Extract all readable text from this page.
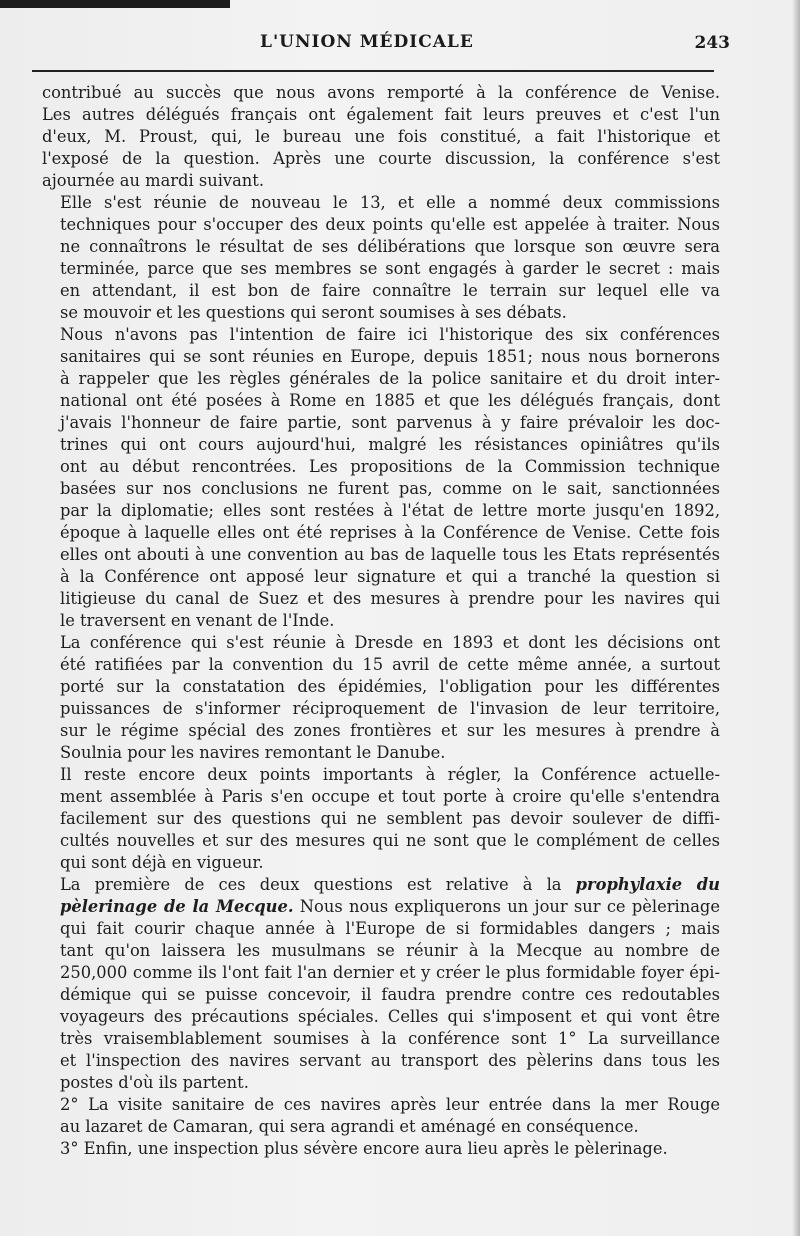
L'UNION MÉDICALE	243

contribué au succès que nous avons remporté à la conférence de Venise.
Les autres délégués français ont également fait leurs preuves et c'est l'un
d'eux, M. Proust, qui, le bureau une fois constitué, a fait l'historique et
l'exposé de la question. Après une courte discussion, la conférence s'est
ajournée au mardi suivant.

Elle s'est réunie de nouveau le 13, et elle a nommé deux commissions
techniques pour s'occuper des deux points qu'elle est appelée à traiter. Nous
ne connaîtrons le résultat de ses délibérations que lorsque son œuvre sera
terminée, parce que ses membres se sont engagés à garder le secret : mais
en attendant, il est bon de faire connaître le terrain sur lequel elle va
se mouvoir et les questions qui seront soumises à ses débats.

Nous n'avons pas l'intention de faire ici l'historique des six conférences
sanitaires qui se sont réunies en Europe, depuis 1851; nous nous bornerons
à rappeler que les règles générales de la police sanitaire et du droit inter-
national ont été posées à Rome en 1885 et que les délégués français, dont
j'avais l'honneur de faire partie, sont parvenus à y faire prévaloir les doc-
trines qui ont cours aujourd'hui, malgré les résistances opiniâtres qu'ils
ont au début rencontrées. Les propositions de la Commission technique
basées sur nos conclusions ne furent pas, comme on le sait, sanctionnées
par la diplomatie; elles sont restées à l'état de lettre morte jusqu'en 1892,
époque à laquelle elles ont été reprises à la Conférence de Venise. Cette fois
elles ont abouti à une convention au bas de laquelle tous les Etats représentés
à la Conférence ont apposé leur signature et qui a tranché la question si
litigieuse du canal de Suez et des mesures à prendre pour les navires qui
le traversent en venant de l'Inde.

La conférence qui s'est réunie à Dresde en 1893 et dont les décisions ont
été ratifiées par la convention du 15 avril de cette même année, a surtout
porté sur la constatation des épidémies, l'obligation pour les différentes
puissances de s'informer réciproquement de l'invasion de leur territoire,
sur le régime spécial des zones frontières et sur les mesures à prendre à
Soulnia pour les navires remontant le Danube.

Il reste encore deux points importants à régler, la Conférence actuelle-
ment assemblée à Paris s'en occupe et tout porte à croire qu'elle s'entendra
facilement sur des questions qui ne semblent pas devoir soulever de diffi-
cultés nouvelles et sur des mesures qui ne sont que le complément de celles
qui sont déjà en vigueur.

La première de ces deux questions est relative à la prophylaxie du
pèlerinage de la Mecque. Nous nous expliquerons un jour sur ce pèlerinage
qui fait courir chaque année à l'Europe de si formidables dangers ; mais
tant qu'on laissera les musulmans se réunir à la Mecque au nombre de
250,000 comme ils l'ont fait l'an dernier et y créer le plus formidable foyer épi-
démique qui se puisse concevoir, il faudra prendre contre ces redoutables
voyageurs des précautions spéciales. Celles qui s'imposent et qui vont être
très vraisemblablement soumises à la conférence sont 1° La surveillance
et l'inspection des navires servant au transport des pèlerins dans tous les
postes d'où ils partent.

2° La visite sanitaire de ces navires après leur entrée dans la mer Rouge
au lazaret de Camaran, qui sera agrandi et aménagé en conséquence.

3° Enfin, une inspection plus sévère encore aura lieu après le pèlerinage.
